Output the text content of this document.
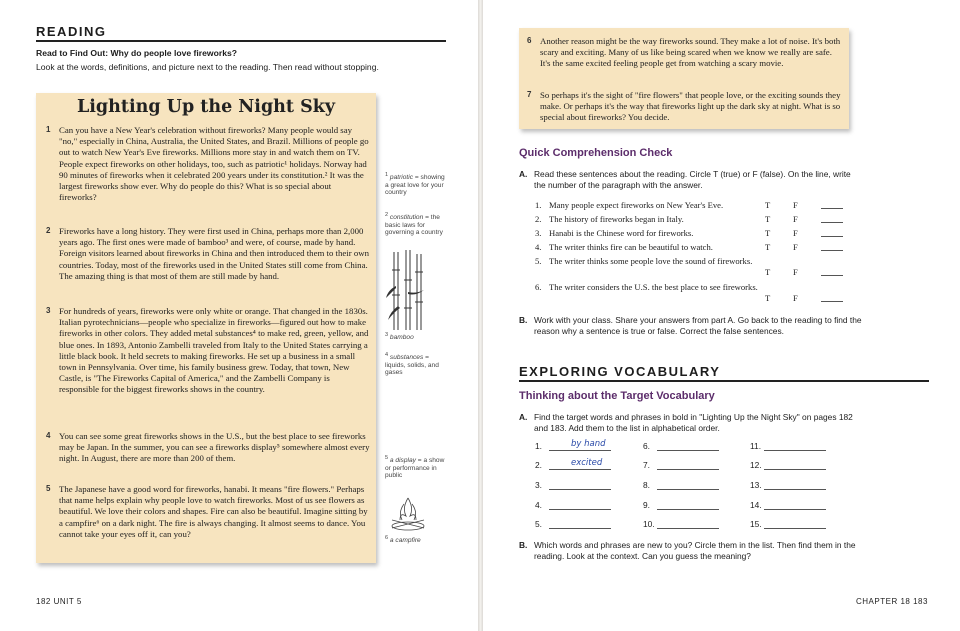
READING
Read to Find Out: Why do people love fireworks?
Look at the words, definitions, and picture next to the reading. Then read without stopping.
Lighting Up the Night Sky
1 Can you have a New Year's celebration without fireworks? Many people would say "no," especially in China, Australia, the United States, and Brazil. Millions of people go out to watch New Year's Eve fireworks. Millions more stay in and watch them on TV. People expect fireworks on other holidays, too, such as patriotic¹ holidays. Norway had 90 minutes of fireworks when it celebrated 200 years under its constitution.² It was the largest fireworks show ever. Why do people do this? What is so special about fireworks?
2 Fireworks have a long history. They were first used in China, perhaps more than 2,000 years ago. The first ones were made of bamboo³ and were, of course, made by hand. Foreign visitors learned about fireworks in China and then introduced them to their own countries. Today, most of the fireworks used in the United States still come from China. The amazing thing is that most of them are still made by hand.
3 For hundreds of years, fireworks were only white or orange. That changed in the 1830s. Italian pyrotechnicians—people who specialize in fireworks—figured out how to make fireworks in other colors. They added metal substances⁴ to make red, green, yellow, and blue ones. In 1893, Antonio Zambelli traveled from Italy to the United States carrying a little black book. It held secrets to making fireworks. He set up a business in a small town in Pennsylvania. Over time, his family business grew. Today, that town, New Castle, is "The Fireworks Capital of America," and the Zambelli Company is responsible for the biggest fireworks shows in the country.
4 You can see some great fireworks shows in the U.S., but the best place to see fireworks may be Japan. In the summer, you can see a fireworks display⁵ somewhere almost every night. In August, there are more than 200 of them.
5 The Japanese have a good word for fireworks, hanabi. It means "fire flowers." Perhaps that name helps explain why people love to watch fireworks. Most of us see flowers as beautiful. We love their colors and shapes. Fire can also be beautiful. Imagine sitting by a campfire⁶ on a dark night. The fire is always changing. It almost seems to dance. You cannot take your eyes off it, can you?
$^1$ patriotic = showing a great love for your country
$^2$ constitution = the basic laws for governing a country
$^3$ bamboo
$^4$ substances = liquids, solids, and gases
$^5$ a display = a show or performance in public
$^6$ a campfire
182 UNIT 5
6 Another reason might be the way fireworks sound. They make a lot of noise. It's both scary and exciting. Many of us like being scared when we know we really are safe. It's the same excited feeling people get from watching a scary movie.
7 So perhaps it's the sight of "fire flowers" that people love, or the exciting sounds they make. Or perhaps it's the way that fireworks light up the dark sky at night. What is so special about fireworks? You decide.
Quick Comprehension Check
A. Read these sentences about the reading. Circle T (true) or F (false). On the line, write the number of the paragraph with the answer.
1. Many people expect fireworks on New Year's Eve.	T	F
2. The history of fireworks began in Italy.	T	F
3. Hanabi is the Chinese word for fireworks.	T	F
4. The writer thinks fire can be beautiful to watch.	T	F
5. The writer thinks some people love the sound of fireworks.
T	F
6. The writer considers the U.S. the best place to see fireworks.
T	F
B. Work with your class. Share your answers from part A. Go back to the reading to find the reason why a sentence is true or false. Correct the false sentences.
EXPLORING VOCABULARY
Thinking about the Target Vocabulary
A. Find the target words and phrases in bold in "Lighting Up the Night Sky" on pages 182 and 183. Add them to the list in alphabetical order.
1.	by hand
2.	excited
3.
4.
5.
6.
7.
8.
9.
10.
11.
12.
13.
14.
15.
B. Which words and phrases are new to you? Circle them in the list. Then find them in the reading. Look at the context. Can you guess the meaning?
CHAPTER 18 183
